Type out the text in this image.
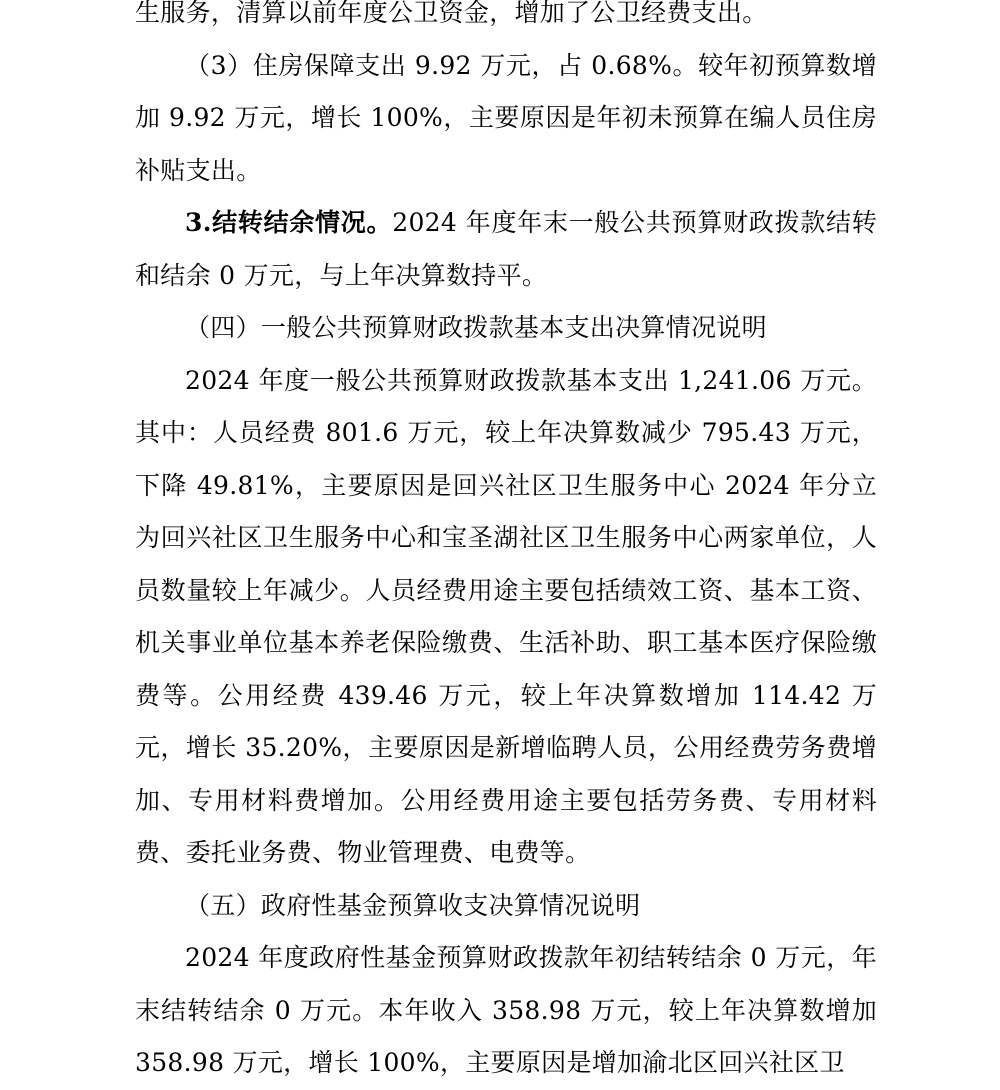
生服务，清算以前年度公卫资金，增加了公卫经费支出。

（3）住房保障支出 9.92 万元，占 0.68%。较年初预算数增加 9.92 万元，增长 100%，主要原因是年初未预算在编人员住房补贴支出。

3.结转结余情况。2024 年度年末一般公共预算财政拨款结转和结余 0 万元，与上年决算数持平。

（四）一般公共预算财政拨款基本支出决算情况说明

2024 年度一般公共预算财政拨款基本支出 1,241.06 万元。其中：人员经费 801.6 万元，较上年决算数减少 795.43 万元，下降 49.81%，主要原因是回兴社区卫生服务中心 2024 年分立为回兴社区卫生服务中心和宝圣湖社区卫生服务中心两家单位，人员数量较上年减少。人员经费用途主要包括绩效工资、基本工资、机关事业单位基本养老保险缴费、生活补助、职工基本医疗保险缴费等。公用经费 439.46 万元，较上年决算数增加 114.42 万元，增长 35.20%，主要原因是新增临聘人员，公用经费劳务费增加、专用材料费增加。公用经费用途主要包括劳务费、专用材料费、委托业务费、物业管理费、电费等。

（五）政府性基金预算收支决算情况说明

2024 年度政府性基金预算财政拨款年初结转结余 0 万元，年末结转结余 0 万元。本年收入 358.98 万元，较上年决算数增加 358.98 万元，增长 100%，主要原因是增加渝北区回兴社区卫
